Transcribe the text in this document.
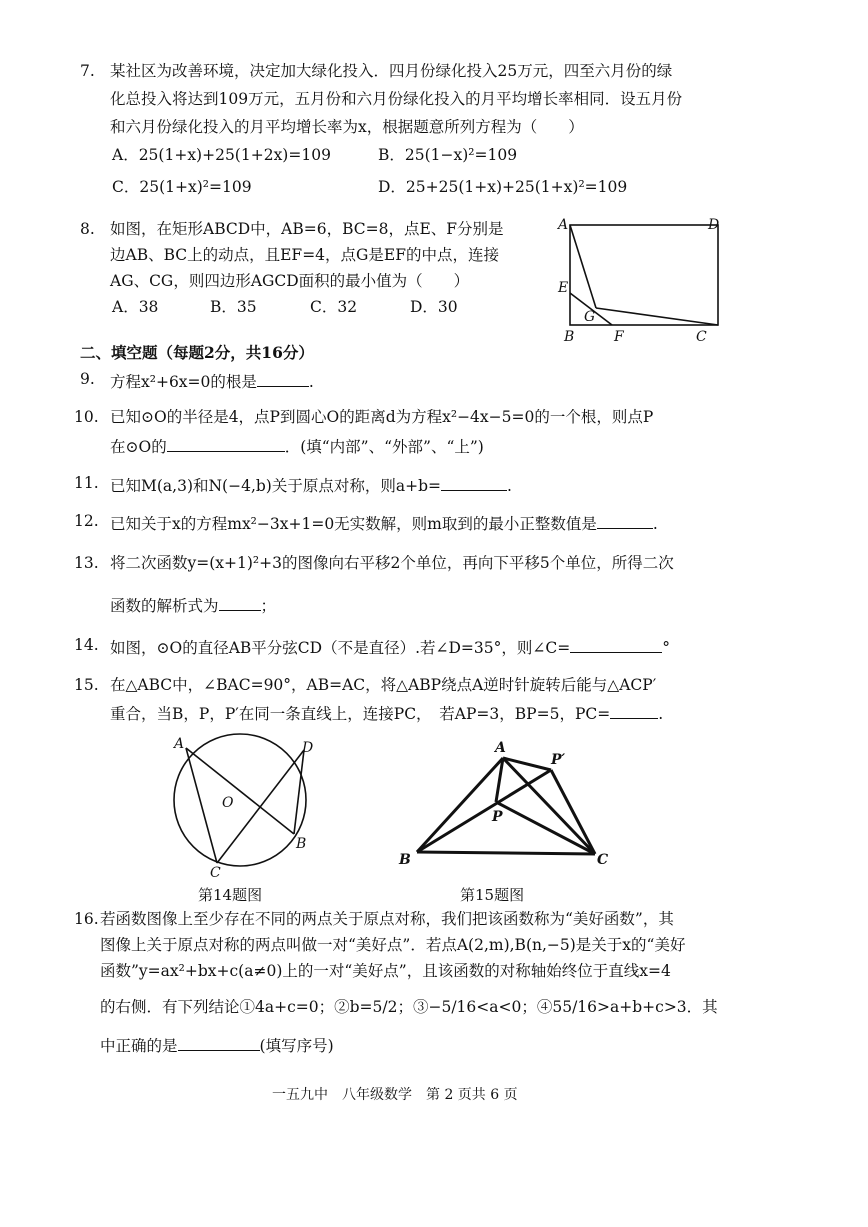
7. 某社区为改善环境，决定加大绿化投入．四月份绿化投入25万元，四至六月份的绿
化总投入将达到109万元，五月份和六月份绿化投入的月平均增长率相同．设五月份
和六月份绿化投入的月平均增长率为x，根据题意所列方程为（　　）
A．25(1+x)+25(1+2x)=109	B．25(1−x)²=109
C．25(1+x)²=109	D．25+25(1+x)+25(1+x)²=109
8. 如图，在矩形ABCD中，AB=6，BC=8，点E、F分别是
边AB、BC上的动点，且EF=4，点G是EF的中点，连接
AG、CG，则四边形AGCD面积的最小值为（　　）
A．38	B．35	C．32	D．30
A	D
E
G
B	F	C
二、填空题（每题2分，共16分）
9. 方程x²+6x=0的根是	.
10. 已知⊙O的半径是4，点P到圆心O的距离d为方程x²−4x−5=0的一个根，则点P
在⊙O的	．(填“内部”、“外部”、“上”)
11. 已知M(a,3)和N(−4,b)关于原点对称，则a+b=	.
12. 已知关于x的方程mx²−3x+1=0无实数解，则m取到的最小正整数值是	.
13. 将二次函数y=(x+1)²+3的图像向右平移2个单位，再向下平移5个单位，所得二次
函数的解析式为	；
14. 如图，⊙O的直径AB平分弦CD（不是直径）.若∠D=35°，则∠C=	°
15. 在△ABC中，∠BAC=90°，AB=AC，将△ABP绕点A逆时针旋转后能与△ACP′
重合，当B，P，P′在同一条直线上，连接PC，　若AP=3，BP=5，PC=	.
A	D
O
B
C
第14题图
A
P′
P
B	C
第15题图
16. 若函数图像上至少存在不同的两点关于原点对称，我们把该函数称为“美好函数”，其
图像上关于原点对称的两点叫做一对“美好点”．若点A(2,m),B(n,−5)是关于x的“美好
函数”y=ax²+bx+c(a≠0)上的一对“美好点”，且该函数的对称轴始终位于直线x=4
的右侧．有下列结论①4a+c=0；②b=5/2；③−5/16<a<0；④55/16>a+b+c>3．其
中正确的是	(填写序号)
一五九中　八年级数学　第 2 页共 6 页
